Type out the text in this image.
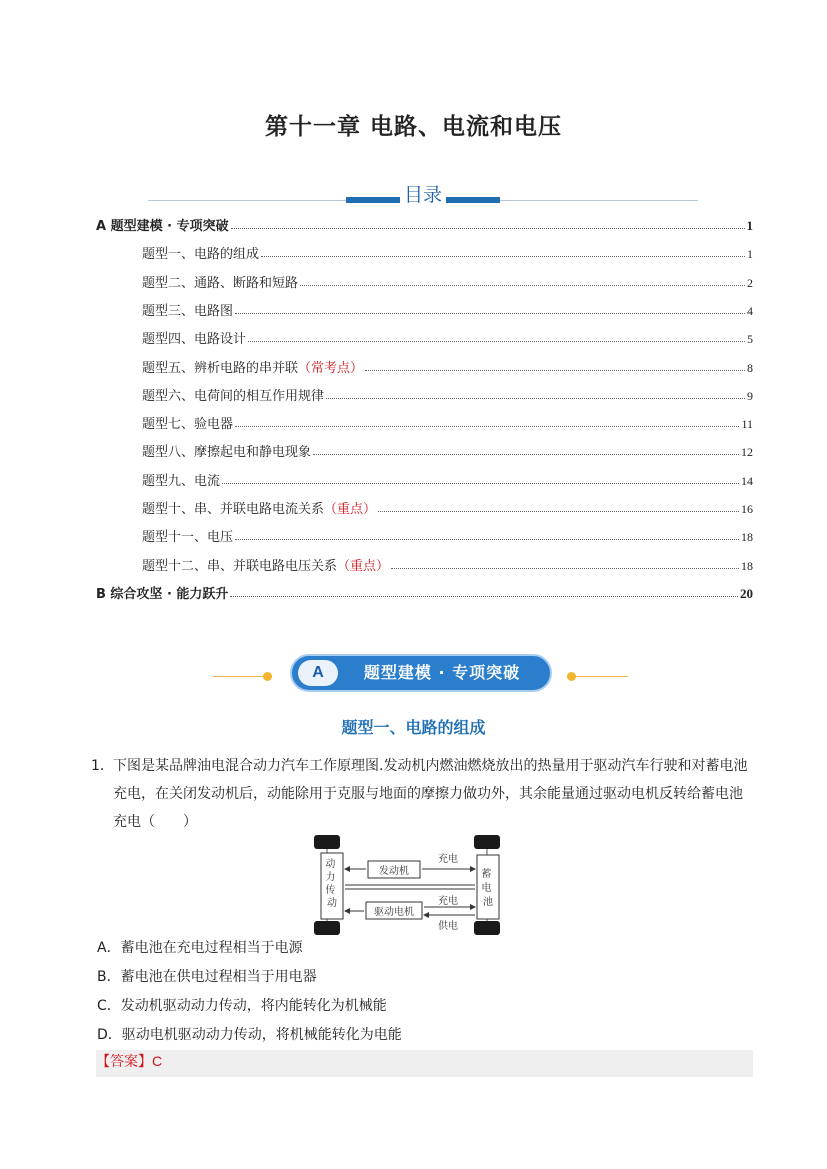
第十一章 电路、电流和电压
目录
A 题型建模 · 专项突破	1
题型一、电路的组成	1
题型二、通路、断路和短路	2
题型三、电路图	4
题型四、电路设计	5
题型五、辨析电路的串并联 （常考点）	8
题型六、电荷间的相互作用规律	9
题型七、验电器	11
题型八、摩擦起电和静电现象	12
题型九、电流	14
题型十、串、并联电路电流关系 （重点）	16
题型十一、电压	18
题型十二、串、并联电路电压关系 （重点）	18
B 综合攻坚 · 能力跃升	20
A	题型建模 · 专项突破
题型一、电路的组成
1． 下图是某品牌油电混合动力汽车工作原理图.发动机内燃油燃烧放出的热量用于驱动汽车行驶和对蓄电池充电，在关闭发动机后，动能除用于克服与地面的摩擦力做功外，其余能量通过驱动电机反转给蓄电池充电（　　）
动 力 传 动
蓄 电 池
发动机
驱动电机
充电
充电
供电
A．蓄电池在充电过程相当于电源
B．蓄电池在供电过程相当于用电器
C．发动机驱动动力传动，将内能转化为机械能
D．驱动电机驱动动力传动，将机械能转化为电能
【答案】C
